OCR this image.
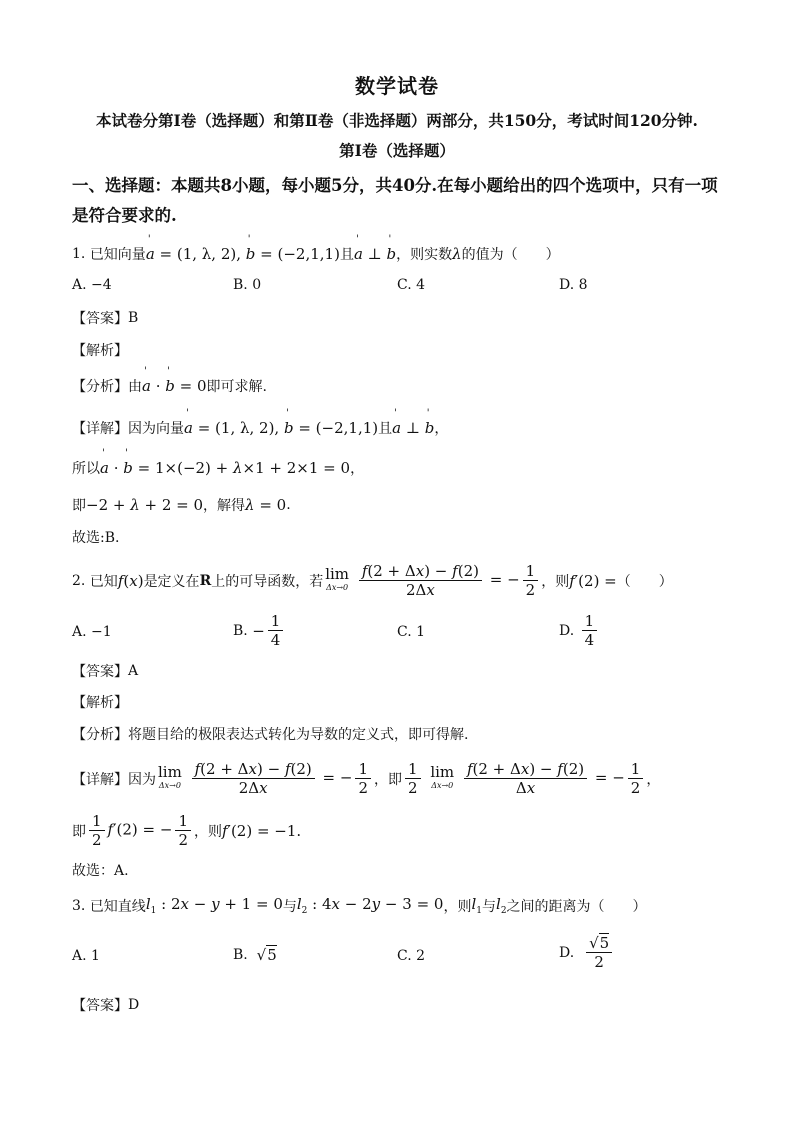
数学试卷
本试卷分第Ⅰ卷（选择题）和第Ⅱ卷（非选择题）两部分，共150分，考试时间120分钟.
第Ⅰ卷（选择题）
一、选择题：本题共8小题，每小题5分，共40分.在每小题给出的四个选项中，只有一项
是符合要求的.
1.
已知向量 ' a = (1, λ, 2), ' b = (−2,1,1) 且 ' a ⊥ ' b ，则实数 λ 的值为（　　）
A. −4	B. 0	C. 4	D. 8
【答案】 B
【解析】
【分析】 由 ' a · ' b = 0 即可求解.
【详解】 因为向量 ' a = (1, λ, 2), ' b = (−2,1,1) 且 ' a ⊥ ' b ，
所以 ' a · ' b = 1×(−2) + λ×1 + 2×1 = 0 ，
即 −2 + λ + 2 = 0 ，解得 λ = 0 .
故选:B.
2.
已知 f(x) 是定义在 R 上的可导函数，若 lim
Δx→0
$\frac{f(2 + \Delta x) - f(2)}{2\Delta x}$ = − $\frac{1}{2}$ ，则 f′(2) = （　　）
A. −1	B.
− $\frac{1}{4}$	C. 1	D.
$\frac{1}{4}$
【答案】 A
【解析】
【分析】 将题目给的极限表达式转化为导数的定义式，即可得解.
【详解】 因为 lim
Δx→0
$\frac{f(2 + \Delta x) - f(2)}{2\Delta x}$ = − $\frac{1}{2}$ ，即 $\frac{1}{2}$
lim
Δx→0
$\frac{f(2 + \Delta x) - f(2)}{\Delta x}$ = − $\frac{1}{2}$ ，
即 $\frac{1}{2} f'(2)$ = − $\frac{1}{2}$ ，则 f′(2) = −1.
故选：A.
3.
已知直线 $l_1$ : 2x − y + 1 = 0 与 $l_2$ : 4x − 2y − 3 = 0 ，则 $l_1$ 与 $l_2$ 之间的距离为（　　）
A. 1	B.
√5	C. 2	D.
$\frac{√5}{2}$
【答案】 D
